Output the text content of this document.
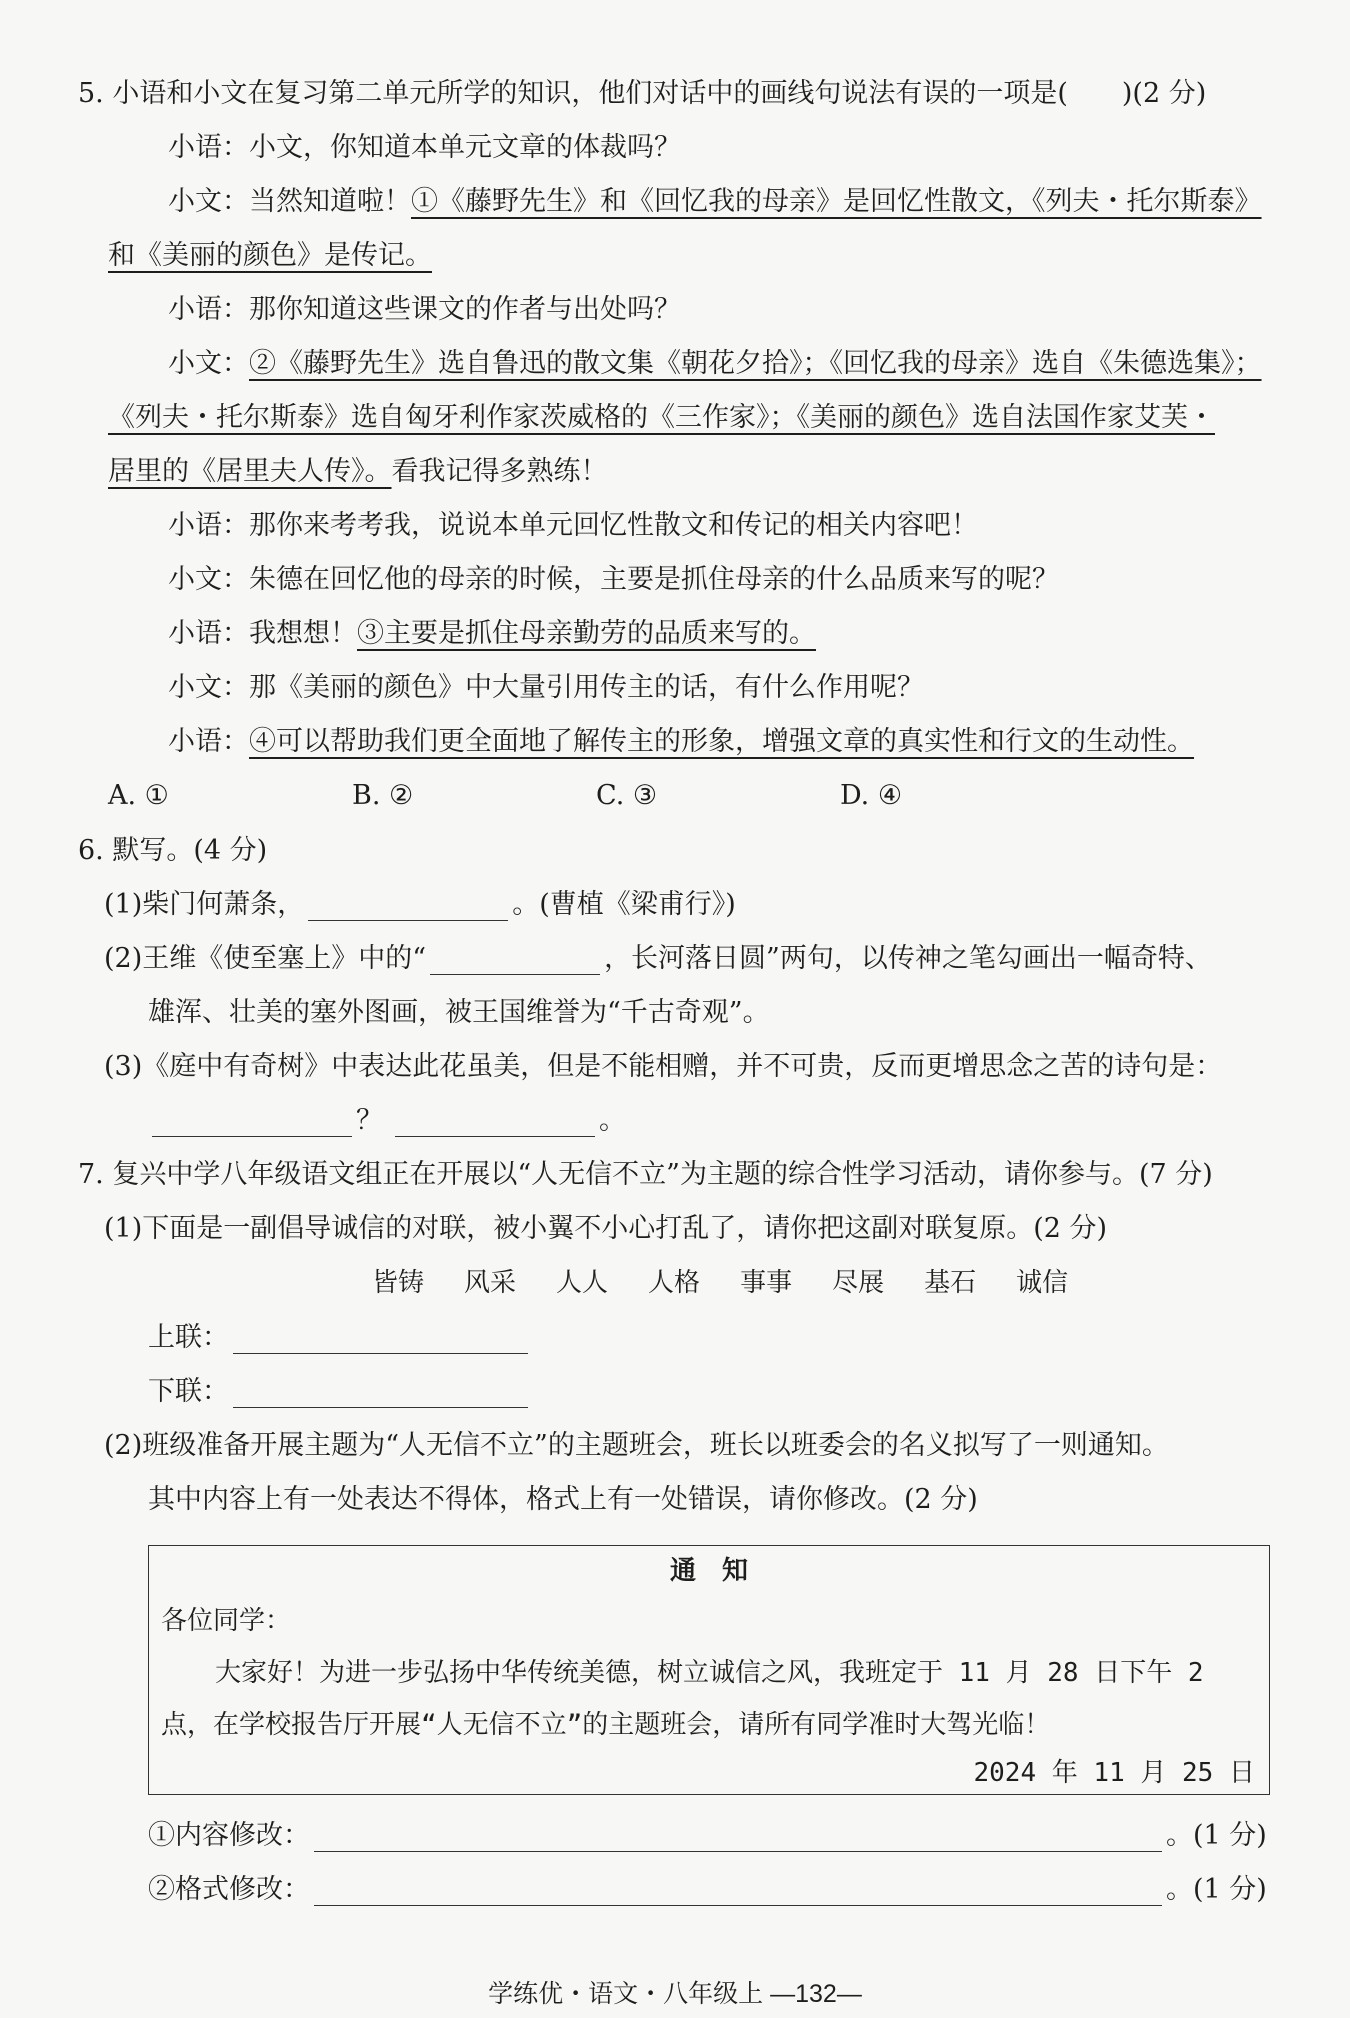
5. 小语和小文在复习第二单元所学的知识，他们对话中的画线句说法有误的一项是(　　)(2 分)
小语：小文，你知道本单元文章的体裁吗？
小文：当然知道啦！①《藤野先生》和《回忆我的母亲》是回忆性散文，《列夫・托尔斯泰》
和《美丽的颜色》是传记。
小语：那你知道这些课文的作者与出处吗？
小文：②《藤野先生》选自鲁迅的散文集《朝花夕拾》；《回忆我的母亲》选自《朱德选集》；
《列夫・托尔斯泰》选自匈牙利作家茨威格的《三作家》；《美丽的颜色》选自法国作家艾芙・
居里的《居里夫人传》。看我记得多熟练！
小语：那你来考考我，说说本单元回忆性散文和传记的相关内容吧！
小文：朱德在回忆他的母亲的时候，主要是抓住母亲的什么品质来写的呢？
小语：我想想！③主要是抓住母亲勤劳的品质来写的。
小文：那《美丽的颜色》中大量引用传主的话，有什么作用呢？
小语：④可以帮助我们更全面地了解传主的形象，增强文章的真实性和行文的生动性。
A. ①	B. ②	C. ③	D. ④
6. 默写。(4 分)
(1)柴门何萧条，	。(曹植《梁甫行》)
(2)王维《使至塞上》中的“	，长河落日圆”两句，以传神之笔勾画出一幅奇特、
雄浑、壮美的塞外图画，被王国维誉为“千古奇观”。
(3)《庭中有奇树》中表达此花虽美，但是不能相赠，并不可贵，反而更增思念之苦的诗句是：
？	。
7. 复兴中学八年级语文组正在开展以“人无信不立”为主题的综合性学习活动，请你参与。(7 分)
(1)下面是一副倡导诚信的对联，被小翼不小心打乱了，请你把这副对联复原。(2 分)
皆铸 风采 人人 人格 事事 尽展 基石 诚信
上联：
下联：
(2)班级准备开展主题为“人无信不立”的主题班会，班长以班委会的名义拟写了一则通知。
其中内容上有一处表达不得体，格式上有一处错误，请你修改。(2 分)
通　知
各位同学：
大家好！为进一步弘扬中华传统美德，树立诚信之风，我班定于 11 月 28 日下午 2
点，在学校报告厅开展“人无信不立”的主题班会，请所有同学准时大驾光临！
2024 年 11 月 25 日
①内容修改：	。(1 分)
②格式修改：	。(1 分)
学练优・语文・八年级上 —132—
